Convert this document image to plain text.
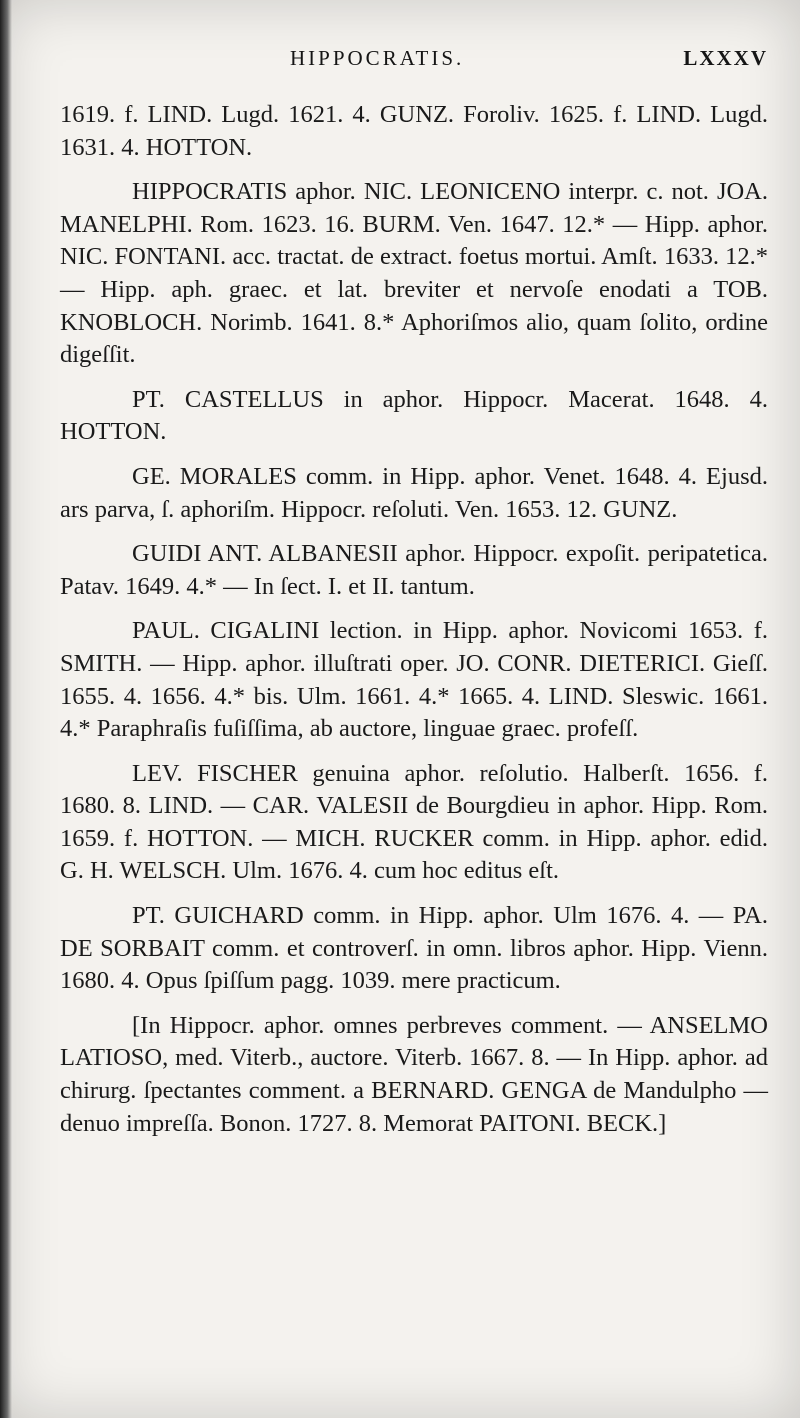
HIPPOCRATIS.	LXXXV

1619. f. LIND. Lugd. 1621. 4. GUNZ. Foroliv. 1625. f. LIND. Lugd. 1631. 4. HOTTON.

HIPPOCRATIS aphor. NIC. LEONICENO interpr. c. not. JOA. MANELPHI. Rom. 1623. 16. BURM. Ven. 1647. 12.* — Hipp. aphor. NIC. FONTANI. acc. tractat. de extract. foetus mortui. Amſt. 1633. 12.* — Hipp. aph. graec. et lat. breviter et nervoſe enodati a TOB. KNOBLOCH. Norimb. 1641. 8.* Aphoriſmos alio, quam ſolito, ordine digeſſit.

PT. CASTELLUS in aphor. Hippocr. Macerat. 1648. 4. HOTTON.

GE. MORALES comm. in Hipp. aphor. Venet. 1648. 4. Ejusd. ars parva, ſ. aphoriſm. Hippocr. reſoluti. Ven. 1653. 12. GUNZ.

GUIDI ANT. ALBANESII aphor. Hippocr. expoſit. peripatetica. Patav. 1649. 4.* — In ſect. I. et II. tantum.

PAUL. CIGALINI lection. in Hipp. aphor. Novicomi 1653. f. SMITH. — Hipp. aphor. illuſtrati oper. JO. CONR. DIETERICI. Gieſſ. 1655. 4. 1656. 4.* bis. Ulm. 1661. 4.* 1665. 4. LIND. Sleswic. 1661. 4.* Paraphraſis fuſiſſima, ab auctore, linguae graec. profeſſ.

LEV. FISCHER genuina aphor. reſolutio. Halberſt. 1656. f. 1680. 8. LIND. — CAR. VALESII de Bourgdieu in aphor. Hipp. Rom. 1659. f. HOTTON. — MICH. RUCKER comm. in Hipp. aphor. edid. G. H. WELSCH. Ulm. 1676. 4. cum hoc editus eſt.

PT. GUICHARD comm. in Hipp. aphor. Ulm 1676. 4. — PA. DE SORBAIT comm. et controverſ. in omn. libros aphor. Hipp. Vienn. 1680. 4. Opus ſpiſſum pagg. 1039. mere practicum.

[In Hippocr. aphor. omnes perbreves comment. — ANSELMO LATIOSO, med. Viterb., auctore. Viterb. 1667. 8. — In Hipp. aphor. ad chirurg. ſpectantes comment. a BERNARD. GENGA de Mandulpho — denuo impreſſa. Bonon. 1727. 8. Memorat PAITONI. BECK.]
